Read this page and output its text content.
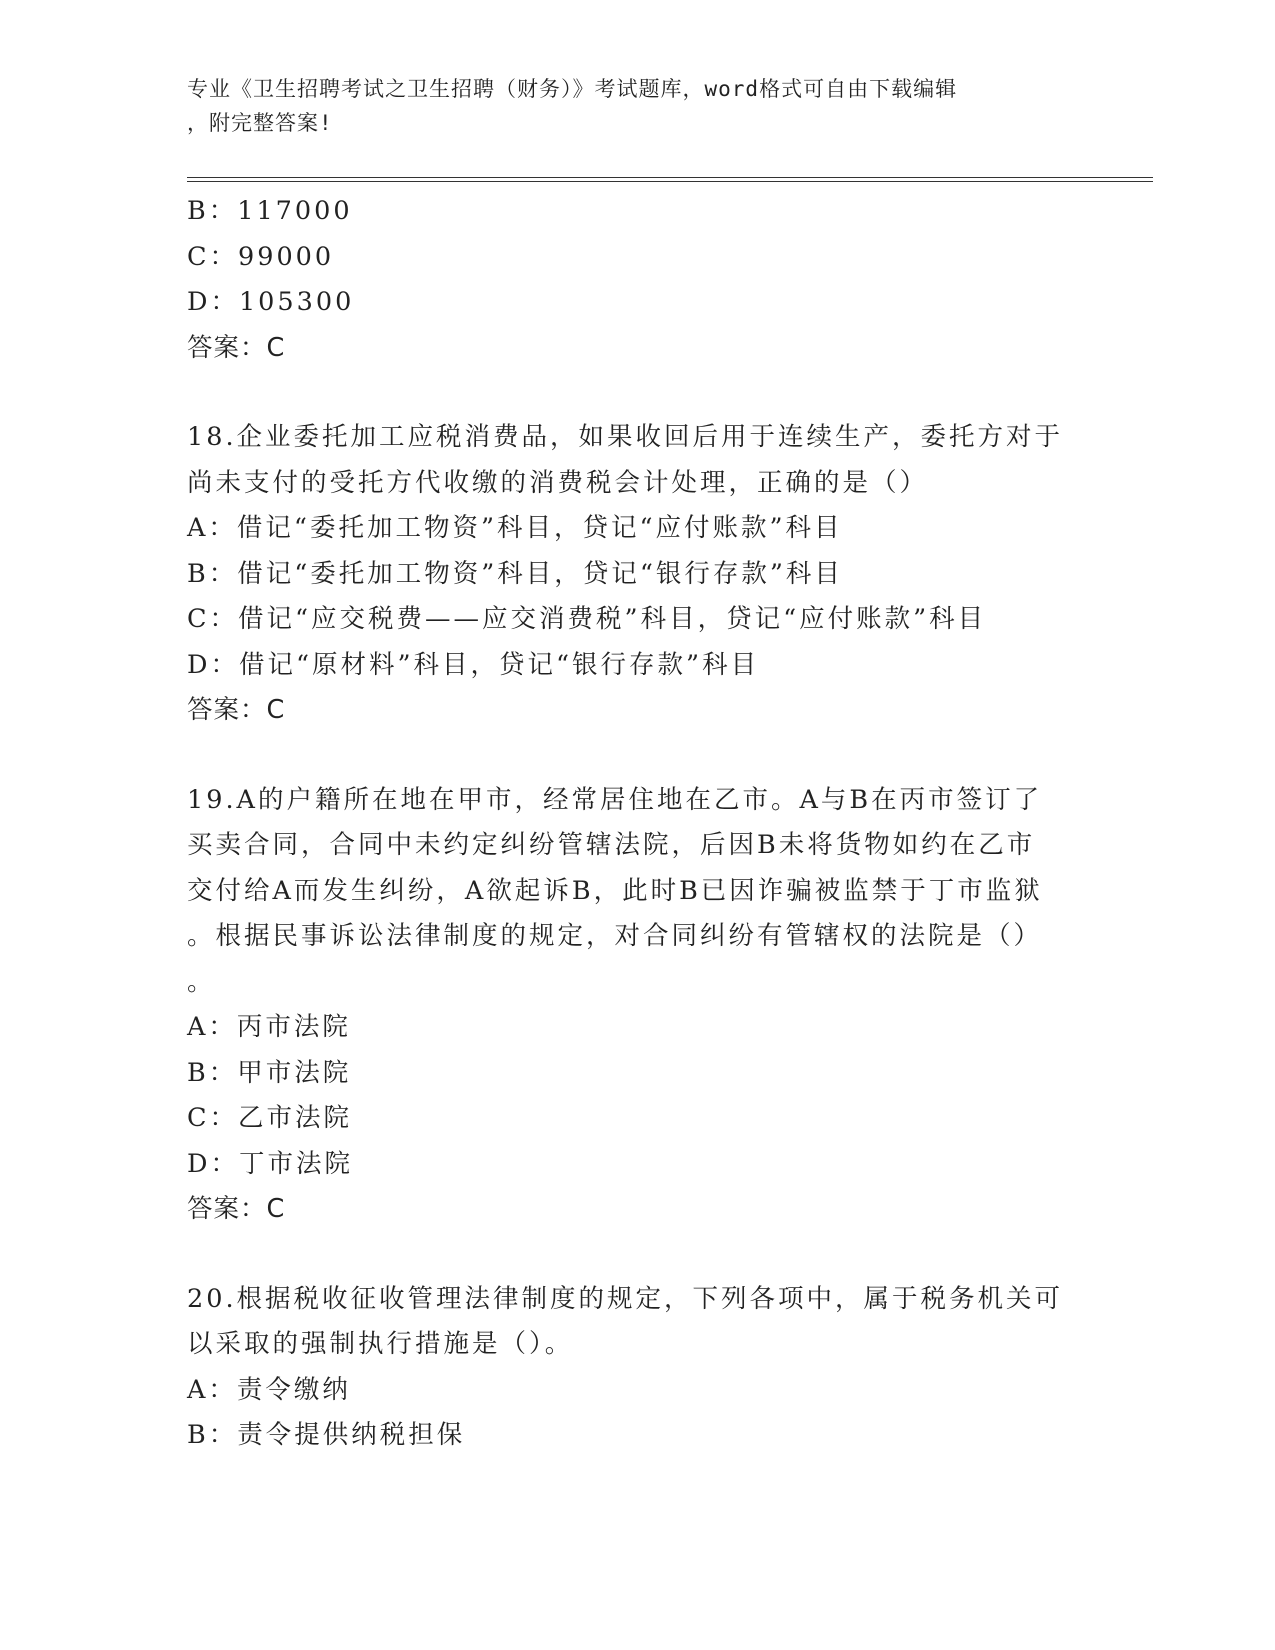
专业《卫生招聘考试之卫生招聘（财务）》考试题库，word格式可自由下载编辑
，附完整答案!
B：117000
C：99000
D：105300
答案：C
18.企业委托加工应税消费品，如果收回后用于连续生产，委托方对于
尚未支付的受托方代收缴的消费税会计处理，正确的是（）
A：借记“委托加工物资”科目，贷记“应付账款”科目
B：借记“委托加工物资”科目，贷记“银行存款”科目
C：借记“应交税费——应交消费税”科目，贷记“应付账款”科目
D：借记“原材料”科目，贷记“银行存款”科目
答案：C
19.A的户籍所在地在甲市，经常居住地在乙市。A与B在丙市签订了
买卖合同，合同中未约定纠纷管辖法院，后因B未将货物如约在乙市
交付给A而发生纠纷，A欲起诉B，此时B已因诈骗被监禁于丁市监狱
。根据民事诉讼法律制度的规定，对合同纠纷有管辖权的法院是（）
。
A：丙市法院
B：甲市法院
C：乙市法院
D：丁市法院
答案：C
20.根据税收征收管理法律制度的规定，下列各项中，属于税务机关可
以采取的强制执行措施是（）。
A：责令缴纳
B：责令提供纳税担保
